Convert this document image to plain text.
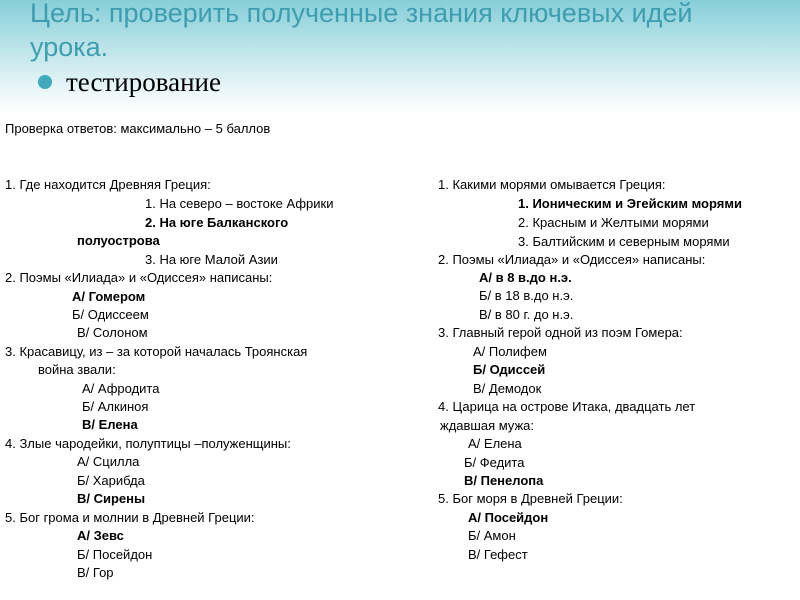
Цель: проверить полученные знания ключевых идей
урока.
тестирование
Проверка ответов: максимально – 5 баллов
1. Где находится Древняя Греция:
1. На северо – востоке Африки
2. На юге Балканского
полуострова
3. На юге Малой Азии
2. Поэмы «Илиада» и «Одиссея» написаны:
А/ Гомером
Б/ Одиссеем
В/ Солоном
3. Красавицу, из – за которой началась Троянская
война звали:
А/ Афродита
Б/ Алкиноя
В/ Елена
4. Злые чародейки, полуптицы –полуженщины:
А/ Сцилла
Б/ Харибда
В/ Сирены
5. Бог грома и молнии в Древней Греции:
А/ Зевс
Б/ Посейдон
В/ Гор
1. Какими морями омывается Греция:
1. Ионическим и Эгейским морями
2. Красным и Желтыми морями
3. Балтийским и северным морями
2. Поэмы «Илиада» и «Одиссея» написаны:
А/ в 8 в.до н.э.
Б/ в 18 в.до н.э.
В/ в 80 г. до н.э.
3. Главный герой одной из поэм Гомера:
А/ Полифем
Б/ Одиссей
В/ Демодок
4. Царица на острове Итака, двадцать лет
ждавшая мужа:
А/ Елена
Б/ Федита
В/ Пенелопа
5. Бог моря в Древней Греции:
А/ Посейдон
Б/ Амон
В/ Гефест
